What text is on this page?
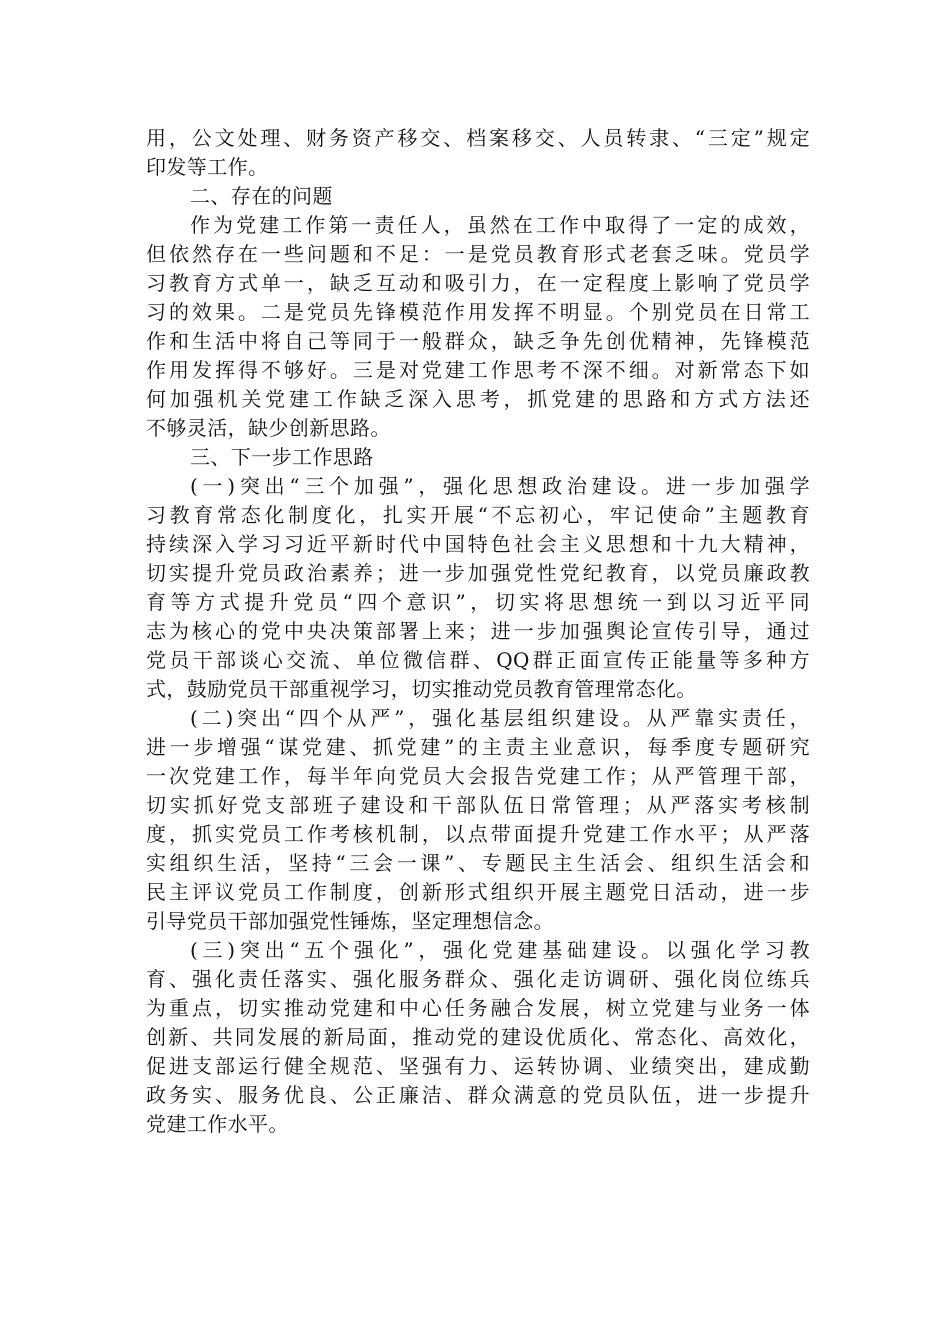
用，公文处理、财务资产移交、档案移交、人员转隶、“三定”规定
印发等工作。
二、存在的问题
作为党建工作第一责任人，虽然在工作中取得了一定的成效，
但依然存在一些问题和不足：一是党员教育形式老套乏味。党员学
习教育方式单一，缺乏互动和吸引力，在一定程度上影响了党员学
习的效果。二是党员先锋模范作用发挥不明显。个别党员在日常工
作和生活中将自己等同于一般群众，缺乏争先创优精神，先锋模范
作用发挥得不够好。三是对党建工作思考不深不细。对新常态下如
何加强机关党建工作缺乏深入思考，抓党建的思路和方式方法还
不够灵活，缺少创新思路。
三、下一步工作思路
(一)突出“三个加强”，强化思想政治建设。进一步加强学
习教育常态化制度化，扎实开展“不忘初心，牢记使命”主题教育
持续深入学习习近平新时代中国特色社会主义思想和十九大精神，
切实提升党员政治素养；进一步加强党性党纪教育，以党员廉政教
育等方式提升党员“四个意识”，切实将思想统一到以习近平同
志为核心的党中央决策部署上来；进一步加强舆论宣传引导，通过
党员干部谈心交流、单位微信群、QQ群正面宣传正能量等多种方
式，鼓励党员干部重视学习，切实推动党员教育管理常态化。
(二)突出“四个从严”，强化基层组织建设。从严靠实责任，
进一步增强“谋党建、抓党建”的主责主业意识，每季度专题研究
一次党建工作，每半年向党员大会报告党建工作；从严管理干部，
切实抓好党支部班子建设和干部队伍日常管理；从严落实考核制
度，抓实党员工作考核机制，以点带面提升党建工作水平；从严落
实组织生活，坚持“三会一课”、专题民主生活会、组织生活会和
民主评议党员工作制度，创新形式组织开展主题党日活动，进一步
引导党员干部加强党性锤炼，坚定理想信念。
(三)突出“五个强化”，强化党建基础建设。以强化学习教
育、强化责任落实、强化服务群众、强化走访调研、强化岗位练兵
为重点，切实推动党建和中心任务融合发展，树立党建与业务一体
创新、共同发展的新局面，推动党的建设优质化、常态化、高效化，
促进支部运行健全规范、坚强有力、运转协调、业绩突出，建成勤
政务实、服务优良、公正廉洁、群众满意的党员队伍，进一步提升
党建工作水平。
